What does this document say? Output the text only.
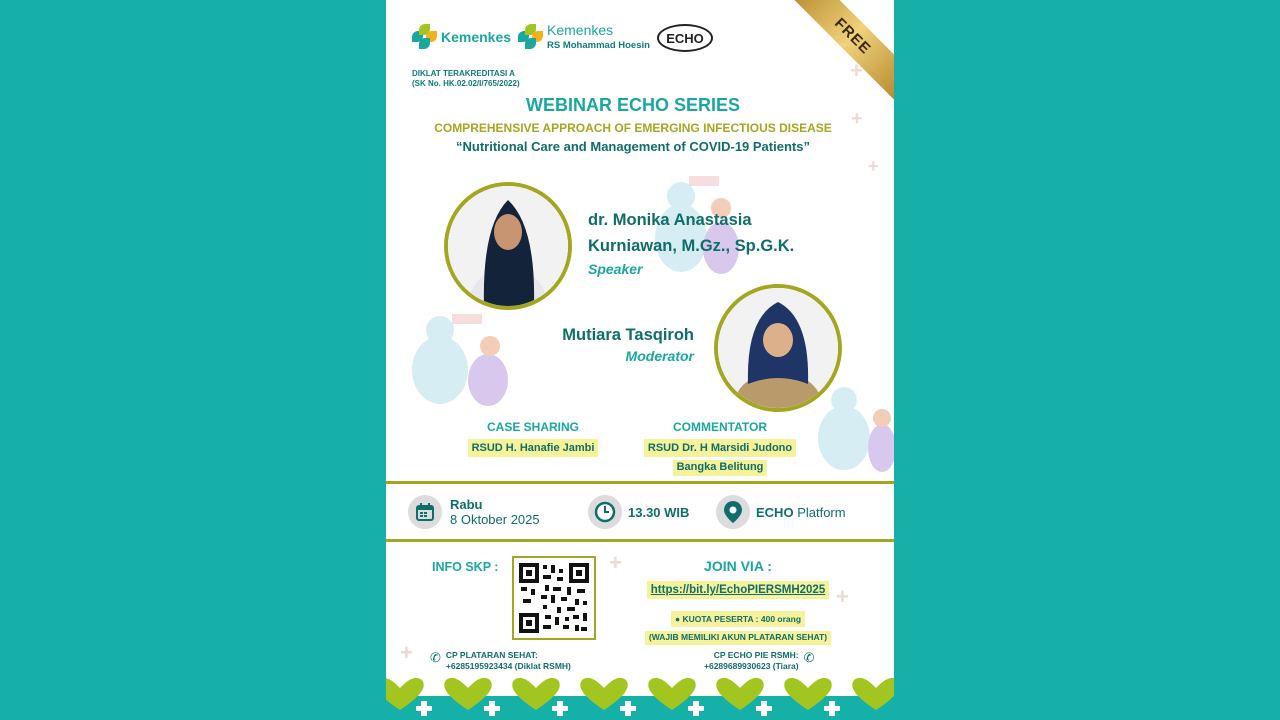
Kemenkes	Kemenkes
RS Mohammad Hoesin ECHO	FREE
DIKLAT TERAKREDITASI A
(SK No. HK.02.02/I/765/2022)
WEBINAR ECHO SERIES
COMPREHENSIVE APPROACH OF EMERGING INFECTIOUS DISEASE
“Nutritional Care and Management of COVID-19 Patients”
+
+
+
+
+
+
dr. Monika Anastasia
Kurniawan, M.Gz., Sp.G.K.
Speaker
Mutiara Tasqiroh
Moderator
CASE SHARING
RSUD H. Hanafie Jambi
COMMENTATOR
RSUD Dr. H Marsidi Judono
Bangka Belitung
Rabu
8 Oktober 2025	13.30 WIB	ECHO Platform
INFO SKP :	JOIN VIA :
https://bit.ly/EchoPIERSMH2025
● KUOTA PESERTA : 400 orang
(WAJIB MEMILIKI AKUN PLATARAN SEHAT)
✆ CP PLATARAN SEHAT:
+6285195923434 (Diklat RSMH)
CP ECHO PIE RSMH:
+6289689930623 (Tiara)
✆
